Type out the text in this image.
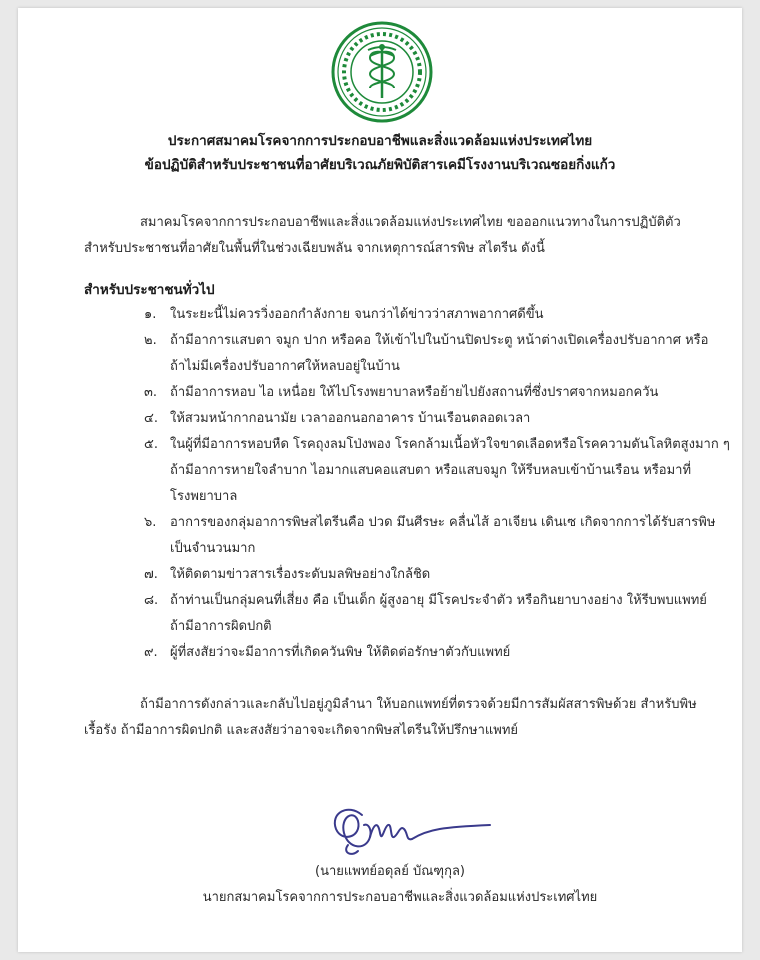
ประกาศสมาคมโรคจากการประกอบอาชีพและสิ่งแวดล้อมแห่งประเทศไทย
ข้อปฏิบัติสำหรับประชาชนที่อาศัยบริเวณภัยพิบัติสารเคมีโรงงานบริเวณซอยกิ่งแก้ว
สมาคมโรคจากการประกอบอาชีพและสิ่งแวดล้อมแห่งประเทศไทย ขอออกแนวทางในการปฏิบัติตัว
สำหรับประชาชนที่อาศัยในพื้นที่ในช่วงเฉียบพลัน จากเหตุการณ์สารพิษ สไตรีน ดังนี้
สำหรับประชาชนทั่วไป
๑. ในระยะนี้ไม่ควรวิ่งออกกำลังกาย จนกว่าได้ข่าวว่าสภาพอากาศดีขึ้น
๒. ถ้ามีอาการแสบตา จมูก ปาก หรือคอ ให้เข้าไปในบ้านปิดประตู หน้าต่างเปิดเครื่องปรับอากาศ หรือ
ถ้าไม่มีเครื่องปรับอากาศให้หลบอยู่ในบ้าน
๓. ถ้ามีอาการหอบ ไอ เหนื่อย ให้ไปโรงพยาบาลหรือย้ายไปยังสถานที่ซึ่งปราศจากหมอกควัน
๔. ให้สวมหน้ากากอนามัย เวลาออกนอกอาคาร บ้านเรือนตลอดเวลา
๕. ในผู้ที่มีอาการหอบหืด โรคถุงลมโป่งพอง โรคกล้ามเนื้อหัวใจขาดเลือดหรือโรคความดันโลหิตสูงมาก ๆ
ถ้ามีอาการหายใจลำบาก ไอมากแสบคอแสบตา หรือแสบจมูก ให้รีบหลบเข้าบ้านเรือน หรือมาที่
โรงพยาบาล
๖. อาการของกลุ่มอาการพิษสไตรีนคือ ปวด มึนศีรษะ คลื่นไส้ อาเจียน เดินเซ เกิดจากการได้รับสารพิษ
เป็นจำนวนมาก
๗. ให้ติดตามข่าวสารเรื่องระดับมลพิษอย่างใกล้ชิด
๘. ถ้าท่านเป็นกลุ่มคนที่เสี่ยง คือ เป็นเด็ก ผู้สูงอายุ มีโรคประจำตัว หรือกินยาบางอย่าง ให้รีบพบแพทย์
ถ้ามีอาการผิดปกติ
๙. ผู้ที่สงสัยว่าจะมีอาการที่เกิดควันพิษ ให้ติดต่อรักษาตัวกับแพทย์
ถ้ามีอาการดังกล่าวและกลับไปอยู่ภูมิลำนา ให้บอกแพทย์ที่ตรวจด้วยมีการสัมผัสสารพิษด้วย สำหรับพิษ
เรื้อรัง ถ้ามีอาการผิดปกติ และสงสัยว่าอาจจะเกิดจากพิษสไตรีนให้ปรึกษาแพทย์
(นายแพทย์อดุลย์ บัณฑุกุล)
นายกสมาคมโรคจากการประกอบอาชีพและสิ่งแวดล้อมแห่งประเทศไทย
